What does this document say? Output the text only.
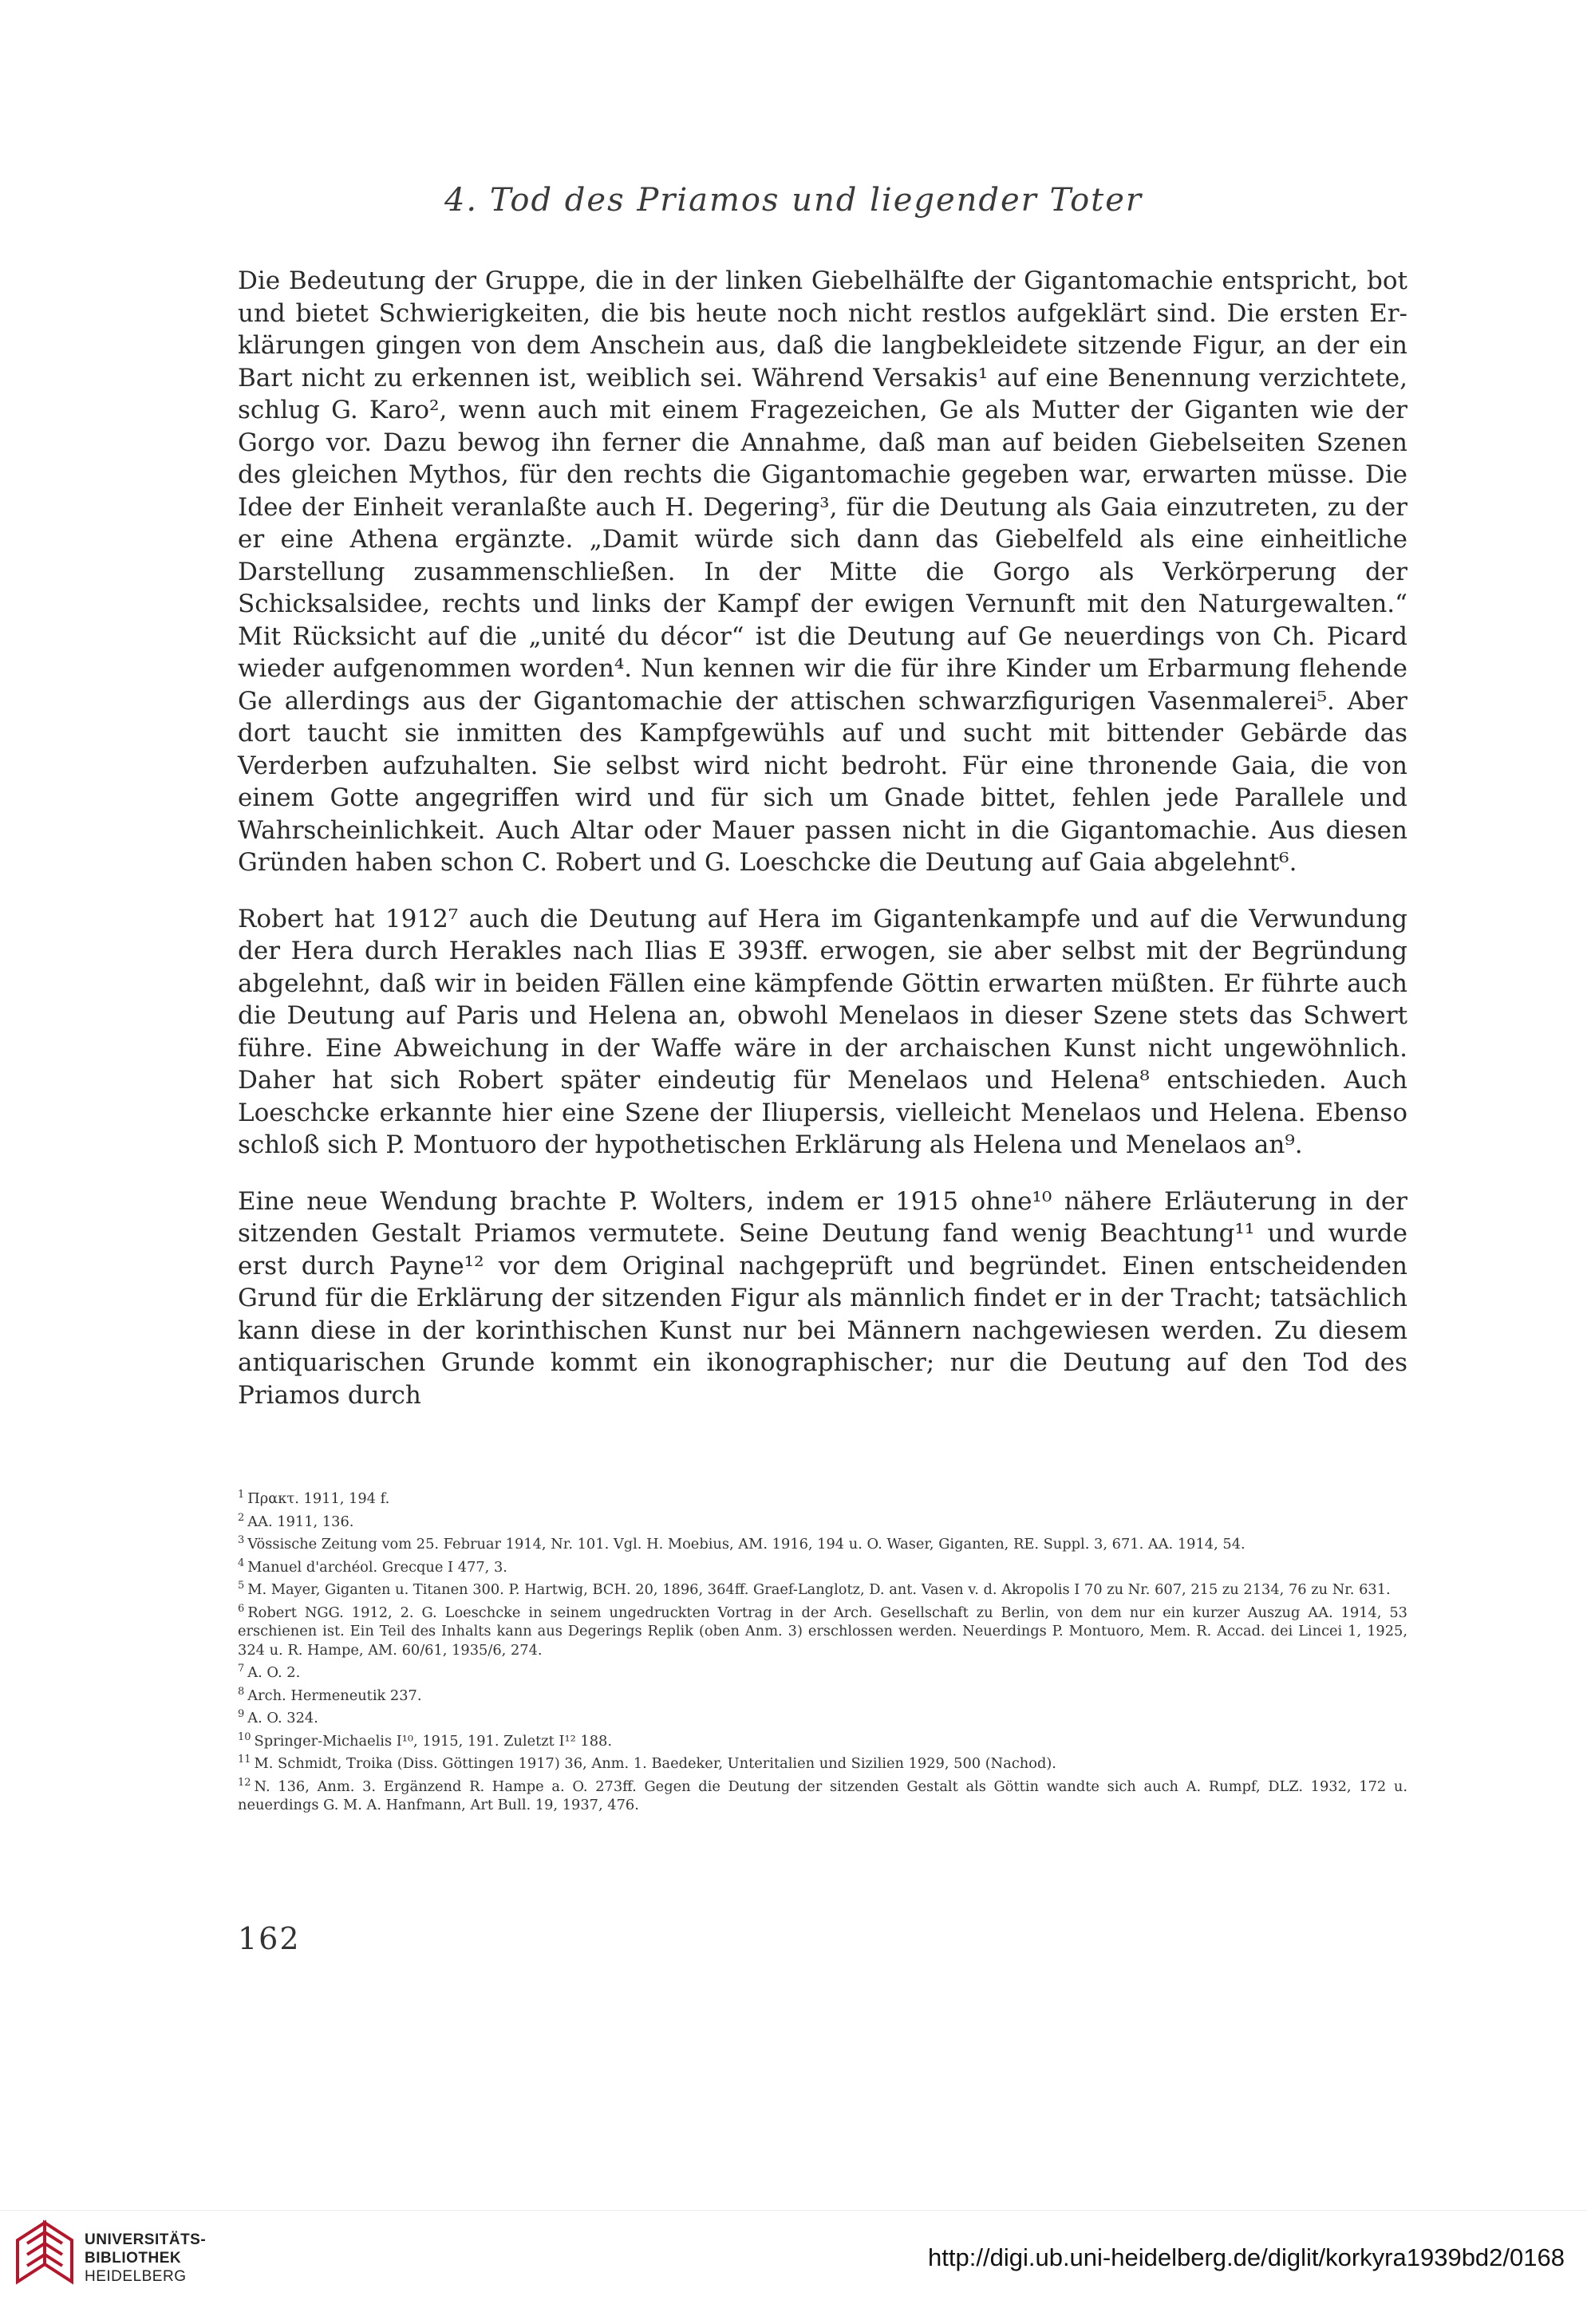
4. Tod des Priamos und liegender Toter

Die Bedeutung der Gruppe, die in der linken Giebelhälfte der Gigantomachie entspricht, bot und bietet Schwierigkeiten, die bis heute noch nicht restlos aufgeklärt sind. Die ersten Erklärungen gingen von dem Anschein aus, daß die langbekleidete sitzende Figur, an der ein Bart nicht zu erkennen ist, weiblich sei. Während Versakis¹ auf eine Benennung verzichtete, schlug G. Karo², wenn auch mit einem Fragezeichen, Ge als Mutter der Giganten wie der Gorgo vor. Dazu bewog ihn ferner die Annahme, daß man auf beiden Giebelseiten Szenen des gleichen Mythos, für den rechts die Gigantomachie gegeben war, erwarten müsse. Die Idee der Einheit veranlaßte auch H. Degering³, für die Deutung als Gaia einzutreten, zu der er eine Athena ergänzte. „Damit würde sich dann das Giebelfeld als eine einheitliche Darstellung zusammenschließen. In der Mitte die Gorgo als Verkörperung der Schicksalsidee, rechts und links der Kampf der ewigen Vernunft mit den Naturgewalten.“ Mit Rücksicht auf die „unité du décor“ ist die Deutung auf Ge neuerdings von Ch. Picard wieder aufgenommen worden⁴. Nun kennen wir die für ihre Kinder um Erbarmung flehende Ge allerdings aus der Gigantomachie der attischen schwarzfigurigen Vasenmalerei⁵. Aber dort taucht sie inmitten des Kampfgewühls auf und sucht mit bittender Gebärde das Verderben aufzuhalten. Sie selbst wird nicht bedroht. Für eine thronende Gaia, die von einem Gotte angegriffen wird und für sich um Gnade bittet, fehlen jede Parallele und Wahrscheinlichkeit. Auch Altar oder Mauer passen nicht in die Gigantomachie. Aus diesen Gründen haben schon C. Robert und G. Loeschcke die Deutung auf Gaia abgelehnt⁶.

Robert hat 1912⁷ auch die Deutung auf Hera im Gigantenkampfe und auf die Verwundung der Hera durch Herakles nach Ilias E 393ff. erwogen, sie aber selbst mit der Begründung abgelehnt, daß wir in beiden Fällen eine kämpfende Göttin erwarten müßten. Er führte auch die Deutung auf Paris und Helena an, obwohl Menelaos in dieser Szene stets das Schwert führe. Eine Abweichung in der Waffe wäre in der archaischen Kunst nicht ungewöhnlich. Daher hat sich Robert später eindeutig für Menelaos und Helena⁸ entschieden. Auch Loeschcke erkannte hier eine Szene der Iliupersis, vielleicht Menelaos und Helena. Ebenso schloß sich P. Montuoro der hypothetischen Erklärung als Helena und Menelaos an⁹.

Eine neue Wendung brachte P. Wolters, indem er 1915 ohne¹⁰ nähere Erläuterung in der sitzenden Gestalt Priamos vermutete. Seine Deutung fand wenig Beachtung¹¹ und wurde erst durch Payne¹² vor dem Original nachgeprüft und begründet. Einen entscheidenden Grund für die Erklärung der sitzenden Figur als männlich findet er in der Tracht; tatsächlich kann diese in der korinthischen Kunst nur bei Männern nachgewiesen werden. Zu diesem antiquarischen Grunde kommt ein ikonographischer; nur die Deutung auf den Tod des Priamos durch

$^1$ Πρακτ. 1911, 194 f.

$^2$ AA. 1911, 136.

$^3$ Vössische Zeitung vom 25. Februar 1914, Nr. 101. Vgl. H. Moebius, AM. 1916, 194 u. O. Waser, Giganten, RE. Suppl. 3, 671. AA. 1914, 54.

$^4$ Manuel d'archéol. Grecque I 477, 3.

$^5$ M. Mayer, Giganten u. Titanen 300. P. Hartwig, BCH. 20, 1896, 364ff. Graef-Langlotz, D. ant. Vasen v. d. Akropolis I 70 zu Nr. 607, 215 zu 2134, 76 zu Nr. 631.

$^6$ Robert NGG. 1912, 2. G. Loeschcke in seinem ungedruckten Vortrag in der Arch. Gesellschaft zu Berlin, von dem nur ein kurzer Auszug AA. 1914, 53 erschienen ist. Ein Teil des Inhalts kann aus Degerings Replik (oben Anm. 3) erschlossen werden. Neuerdings P. Montuoro, Mem. R. Accad. dei Lincei 1, 1925, 324 u. R. Hampe, AM. 60/61, 1935/6, 274.

$^7$ A. O. 2.

$^8$ Arch. Hermeneutik 237.

$^9$ A. O. 324.

$^{10}$ Springer-Michaelis I¹⁰, 1915, 191. Zuletzt I¹² 188.

$^{11}$ M. Schmidt, Troika (Diss. Göttingen 1917) 36, Anm. 1. Baedeker, Unteritalien und Sizilien 1929, 500 (Nachod).

$^{12}$ N. 136, Anm. 3. Ergänzend R. Hampe a. O. 273ff. Gegen die Deutung der sitzenden Gestalt als Göttin wandte sich auch A. Rumpf, DLZ. 1932, 172 u. neuerdings G. M. A. Hanfmann, Art Bull. 19, 1937, 476.

162
UNIVERSITÄTS-
BIBLIOTHEK
HEIDELBERG
http://digi.ub.uni-heidelberg.de/diglit/korkyra1939bd2/0168
